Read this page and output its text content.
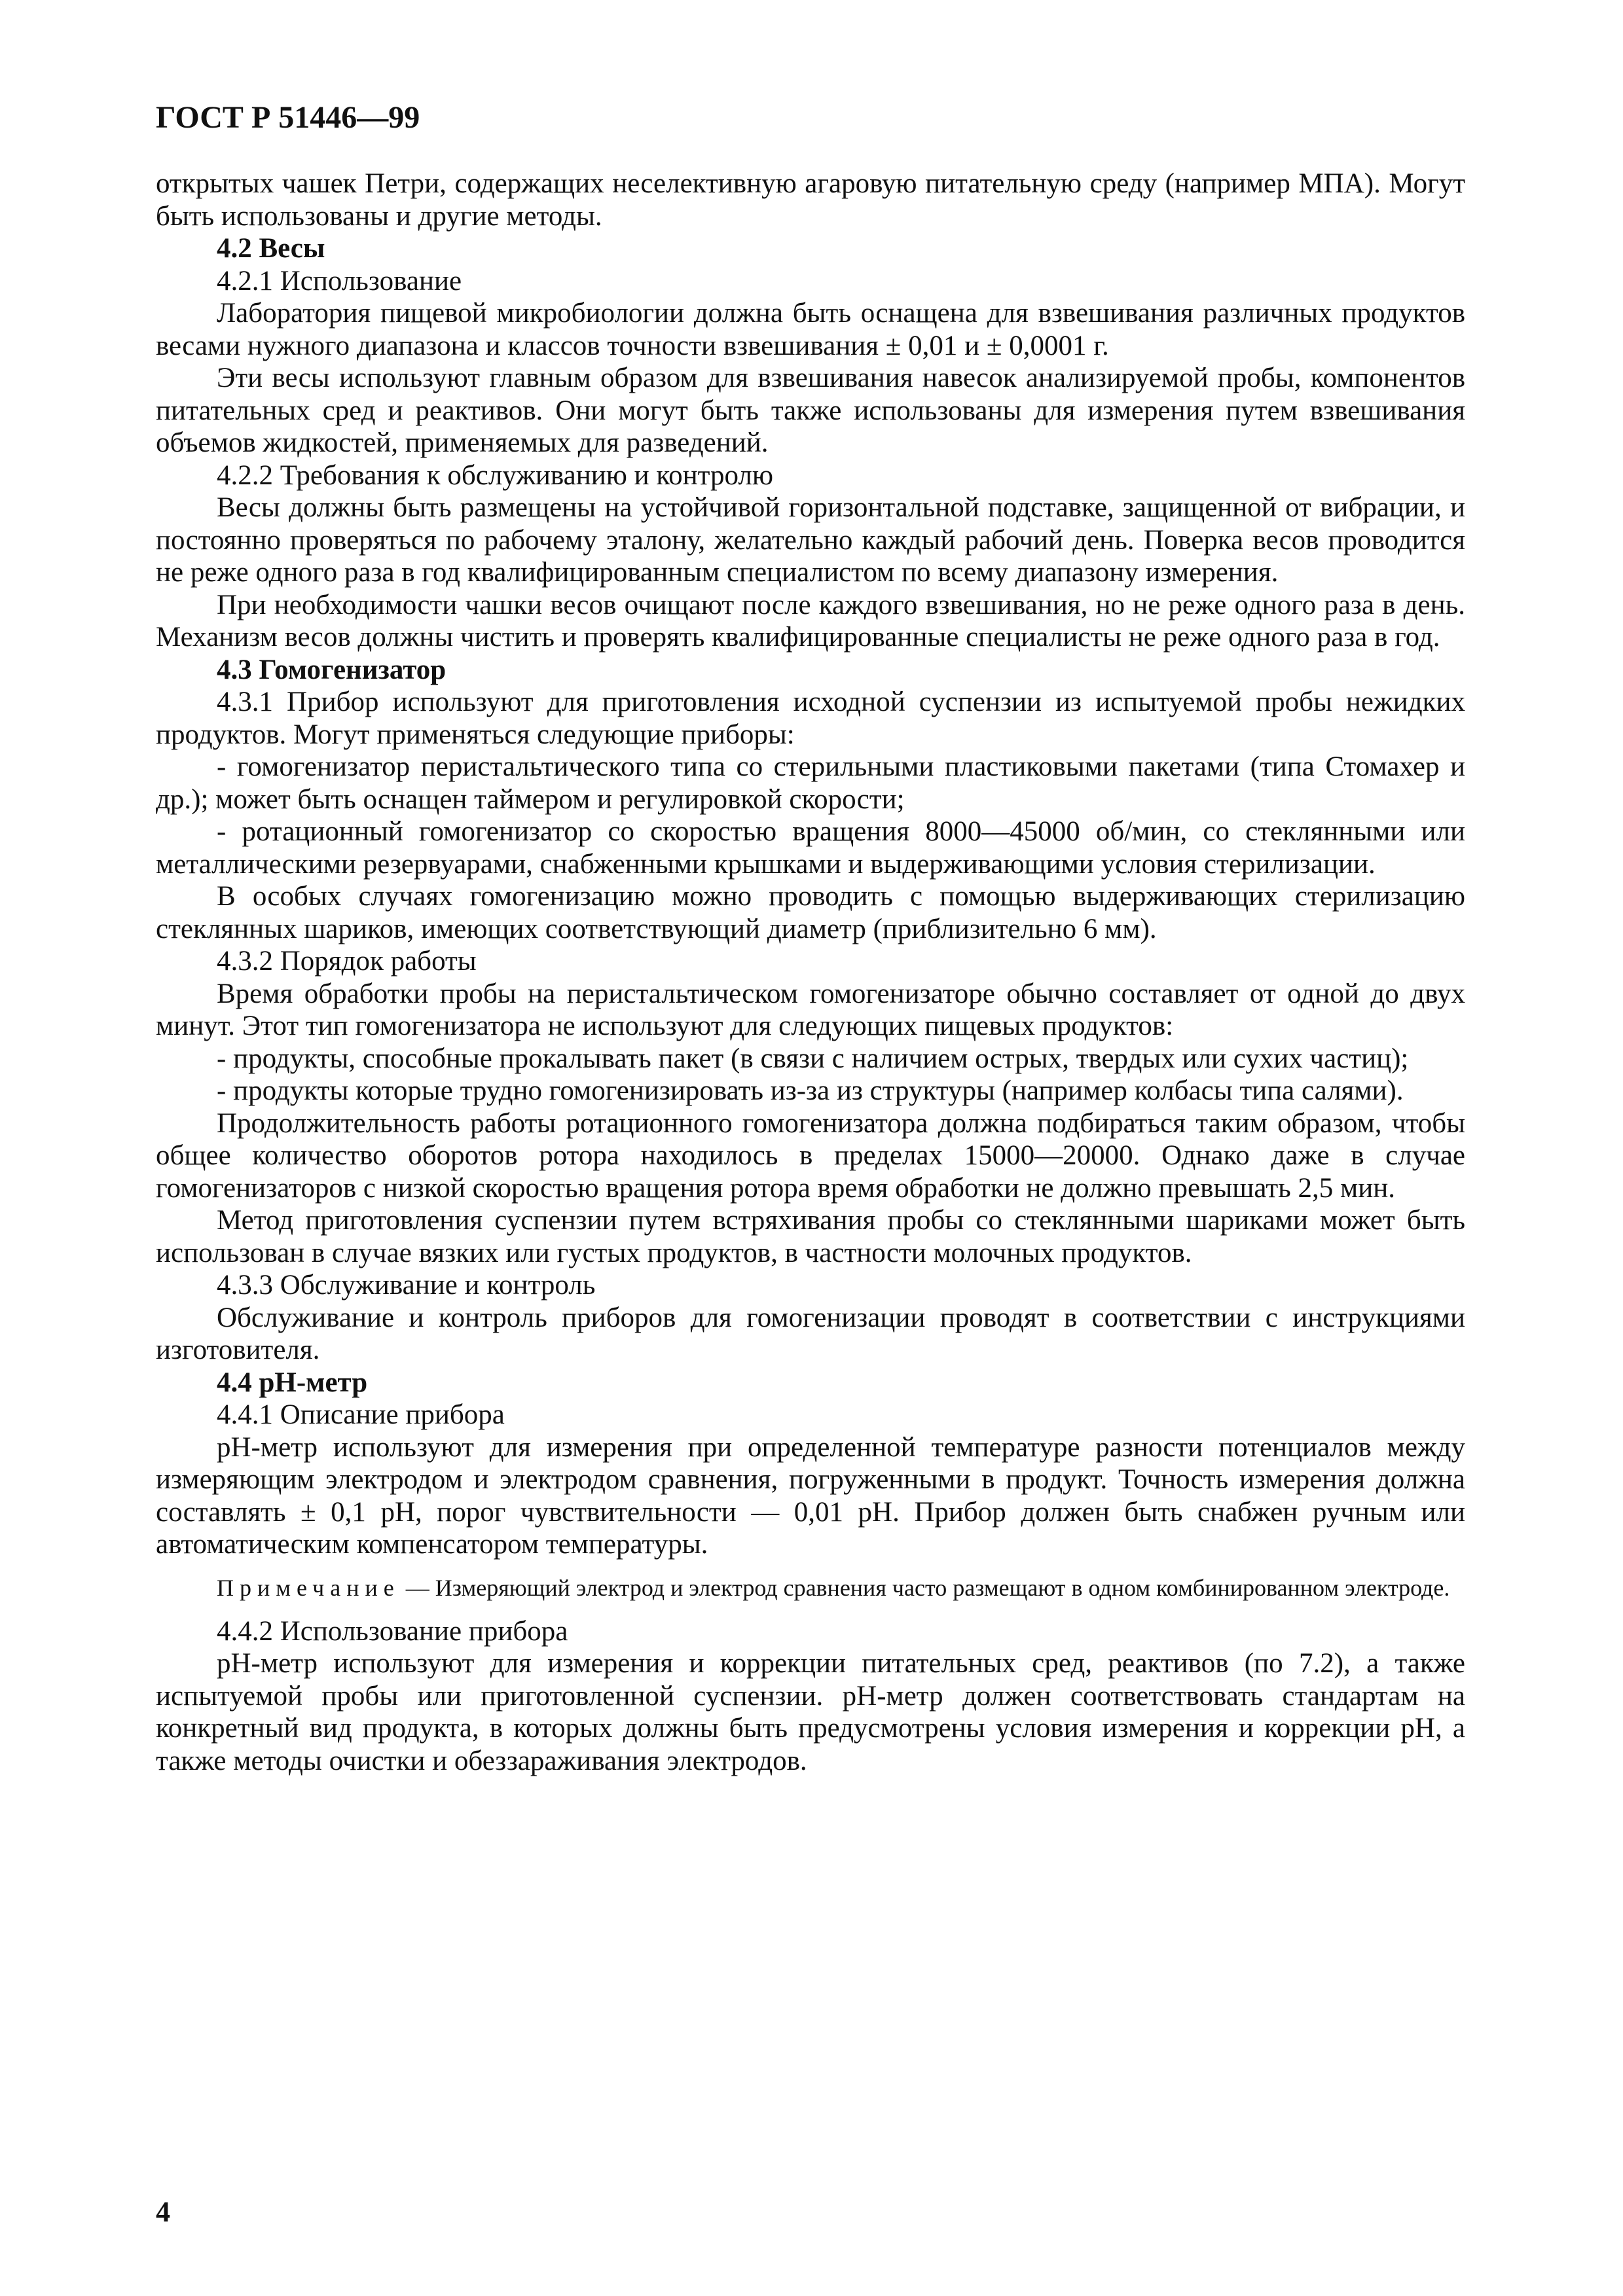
ГОСТ Р 51446—99

открытых чашек Петри, содержащих неселективную агаровую питательную среду (например МПА). Могут быть использованы и другие методы.

4.2 Весы

4.2.1 Использование

Лаборатория пищевой микробиологии должна быть оснащена для взвешивания различных продуктов весами нужного диапазона и классов точности взвешивания ± 0,01 и ± 0,0001 г.

Эти весы используют главным образом для взвешивания навесок анализируемой пробы, компонентов питательных сред и реактивов. Они могут быть также использованы для измерения путем взвешивания объемов жидкостей, применяемых для разведений.

4.2.2 Требования к обслуживанию и контролю

Весы должны быть размещены на устойчивой горизонтальной подставке, защищенной от вибрации, и постоянно проверяться по рабочему эталону, желательно каждый рабочий день. Поверка весов проводится не реже одного раза в год квалифицированным специалистом по всему диапазону измерения.

При необходимости чашки весов очищают после каждого взвешивания, но не реже одного раза в день. Механизм весов должны чистить и проверять квалифицированные специалисты не реже одного раза в год.

4.3 Гомогенизатор

4.3.1 Прибор используют для приготовления исходной суспензии из испытуемой пробы нежидких продуктов. Могут применяться следующие приборы:

- гомогенизатор перистальтического типа со стерильными пластиковыми пакетами (типа Стомахер и др.); может быть оснащен таймером и регулировкой скорости;

- ротационный гомогенизатор со скоростью вращения 8000—45000 об/мин, со стеклянными или металлическими резервуарами, снабженными крышками и выдерживающими условия стерилизации.

В особых случаях гомогенизацию можно проводить с помощью выдерживающих стерилизацию стеклянных шариков, имеющих соответствующий диаметр (приблизительно 6 мм).

4.3.2 Порядок работы

Время обработки пробы на перистальтическом гомогенизаторе обычно составляет от одной до двух минут. Этот тип гомогенизатора не используют для следующих пищевых продуктов:

- продукты, способные прокалывать пакет (в связи с наличием острых, твердых или сухих частиц);

- продукты которые трудно гомогенизировать из-за из структуры (например колбасы типа салями).

Продолжительность работы ротационного гомогенизатора должна подбираться таким образом, чтобы общее количество оборотов ротора находилось в пределах 15000—20000. Однако даже в случае гомогенизаторов с низкой скоростью вращения ротора время обработки не должно превышать 2,5 мин.

Метод приготовления суспензии путем встряхивания пробы со стеклянными шариками может быть использован в случае вязких или густых продуктов, в частности молочных продуктов.

4.3.3 Обслуживание и контроль

Обслуживание и контроль приборов для гомогенизации проводят в соответствии с инструкциями изготовителя.

4.4 pH-метр

4.4.1 Описание прибора

pH-метр используют для измерения при определенной температуре разности потенциалов между измеряющим электродом и электродом сравнения, погруженными в продукт. Точность измерения должна составлять ± 0,1 pH, порог чувствительности — 0,01 pH. Прибор должен быть снабжен ручным или автоматическим компенсатором температуры.

Примечание — Измеряющий электрод и электрод сравнения часто размещают в одном комбинированном электроде.

4.4.2 Использование прибора

pH-метр используют для измерения и коррекции питательных сред, реактивов (по 7.2), а также испытуемой пробы или приготовленной суспензии. pH-метр должен соответствовать стандартам на конкретный вид продукта, в которых должны быть предусмотрены условия измерения и коррекции pH, а также методы очистки и обеззараживания электродов.

4
